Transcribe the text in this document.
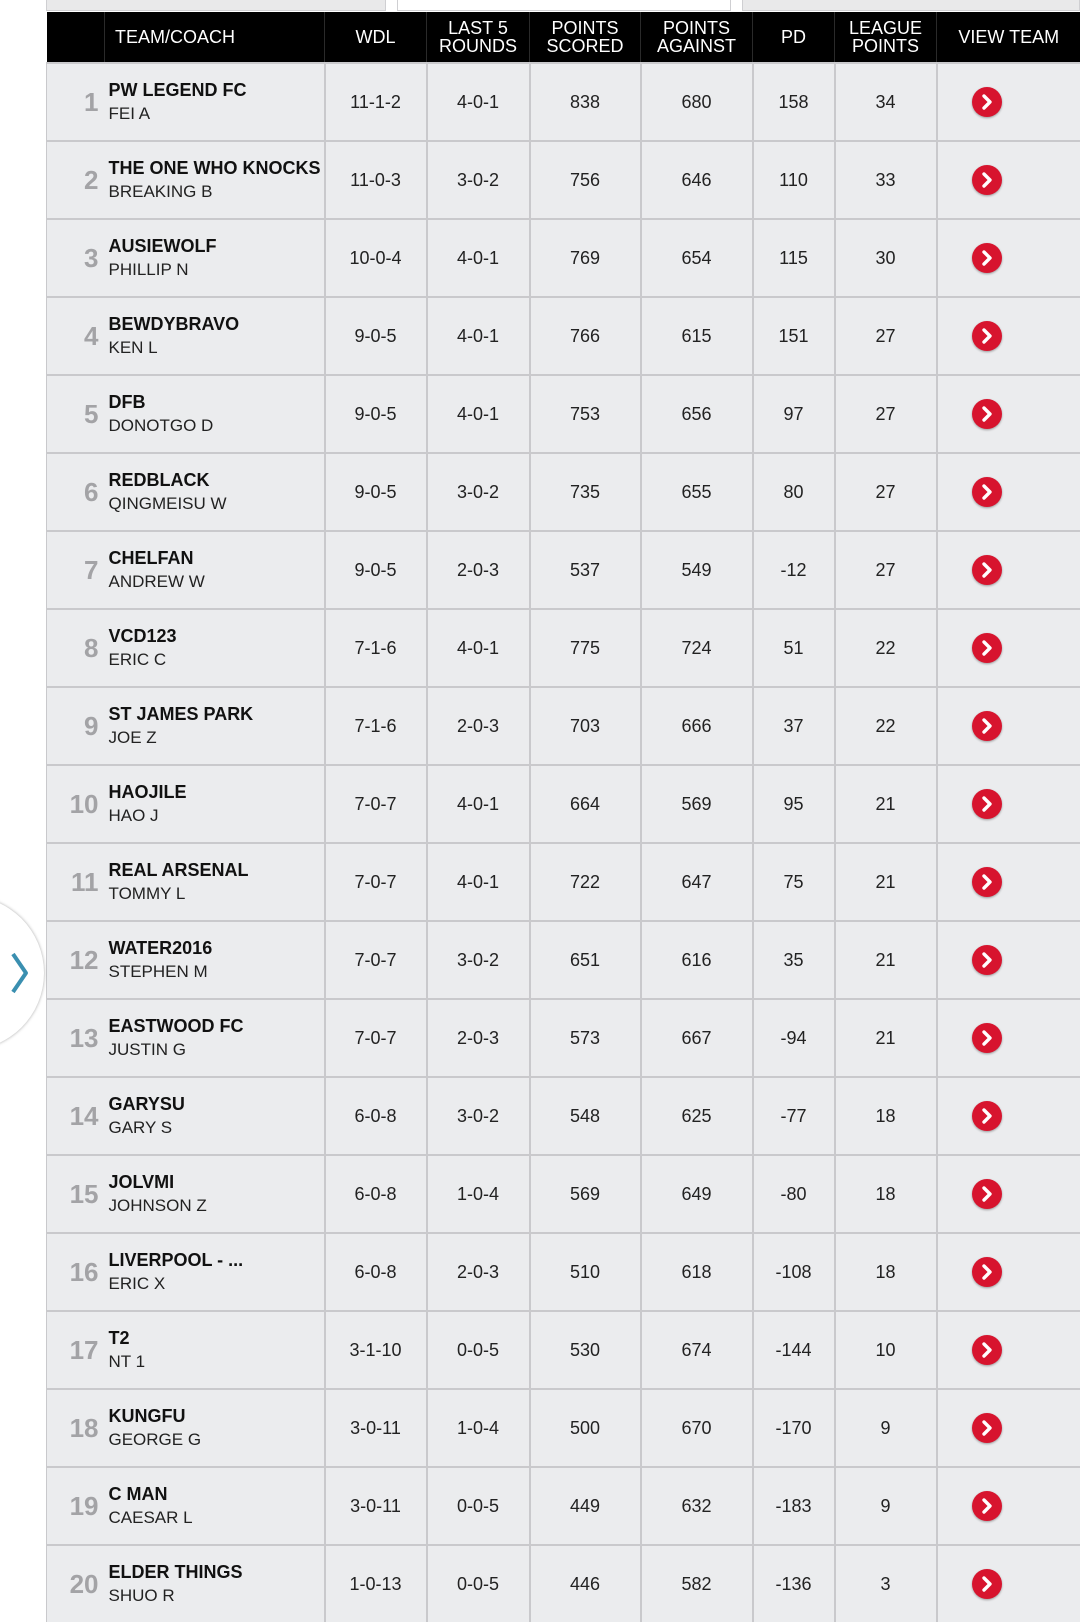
	TEAM/COACH	WDL	LAST 5 ROUNDS	POINTS SCORED	POINTS AGAINST	PD	LEAGUE POINTS	VIEW TEAM
1	PW LEGEND FC
FEI A	11-1-2	4-0-1	838	680	158	34	

2	THE ONE WHO KNOCKS
BREAKING B	11-0-3	3-0-2	756	646	110	33	

3	AUSIEWOLF
PHILLIP N	10-0-4	4-0-1	769	654	115	30	

4	BEWDYBRAVO
KEN L	9-0-5	4-0-1	766	615	151	27	

5	DFB
DONOTGO D	9-0-5	4-0-1	753	656	97	27	

6	REDBLACK
QINGMEISU W	9-0-5	3-0-2	735	655	80	27	

7	CHELFAN
ANDREW W	9-0-5	2-0-3	537	549	-12	27	

8	VCD123
ERIC C	7-1-6	4-0-1	775	724	51	22	

9	ST JAMES PARK
JOE Z	7-1-6	2-0-3	703	666	37	22	

10	HAOJILE
HAO J	7-0-7	4-0-1	664	569	95	21	

11	REAL ARSENAL
TOMMY L	7-0-7	4-0-1	722	647	75	21	

12	WATER2016
STEPHEN M	7-0-7	3-0-2	651	616	35	21	

13	EASTWOOD FC
JUSTIN G	7-0-7	2-0-3	573	667	-94	21	

14	GARYSU
GARY S	6-0-8	3-0-2	548	625	-77	18	

15	JOLVMI
JOHNSON Z	6-0-8	1-0-4	569	649	-80	18	

16	LIVERPOOL - ...
ERIC X	6-0-8	2-0-3	510	618	-108	18	

17	T2
NT 1	3-1-10	0-0-5	530	674	-144	10	

18	KUNGFU
GEORGE G	3-0-11	1-0-4	500	670	-170	9	

19	C MAN
CAESAR L	3-0-11	0-0-5	449	632	-183	9	

20	ELDER THINGS
SHUO R	1-0-13	0-0-5	446	582	-136	3	
